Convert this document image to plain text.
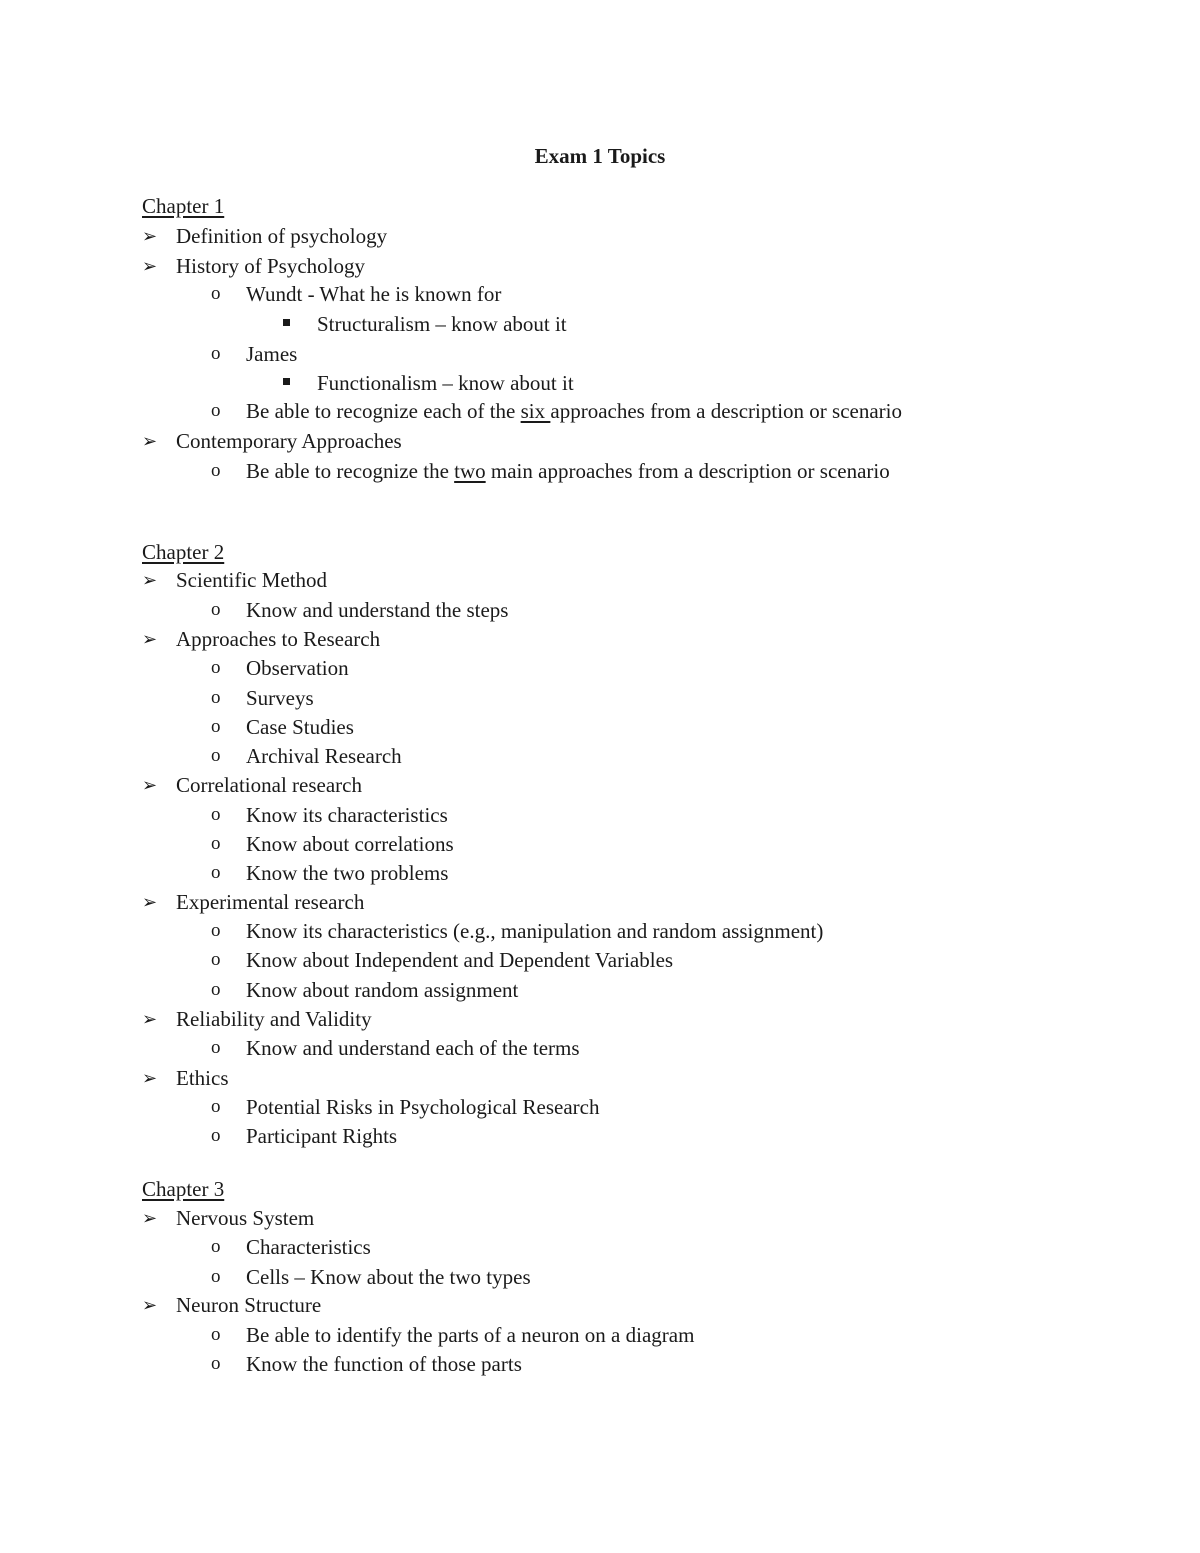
Exam 1 Topics
Chapter 1
➢ Definition of psychology
➢ History of Psychology
o Wundt - What he is known for
Structuralism – know about it
o James
Functionalism – know about it
o Be able to recognize each of the six approaches from a description or scenario
➢ Contemporary Approaches
o Be able to recognize the two main approaches from a description or scenario
Chapter 2
➢ Scientific Method
o Know and understand the steps
➢ Approaches to Research
o Observation
o Surveys
o Case Studies
o Archival Research
➢ Correlational research
o Know its characteristics
o Know about correlations
o Know the two problems
➢ Experimental research
o Know its characteristics (e.g., manipulation and random assignment)
o Know about Independent and Dependent Variables
o Know about random assignment
➢ Reliability and Validity
o Know and understand each of the terms
➢ Ethics
o Potential Risks in Psychological Research
o Participant Rights
Chapter 3
➢ Nervous System
o Characteristics
o Cells – Know about the two types
➢ Neuron Structure
o Be able to identify the parts of a neuron on a diagram
o Know the function of those parts
